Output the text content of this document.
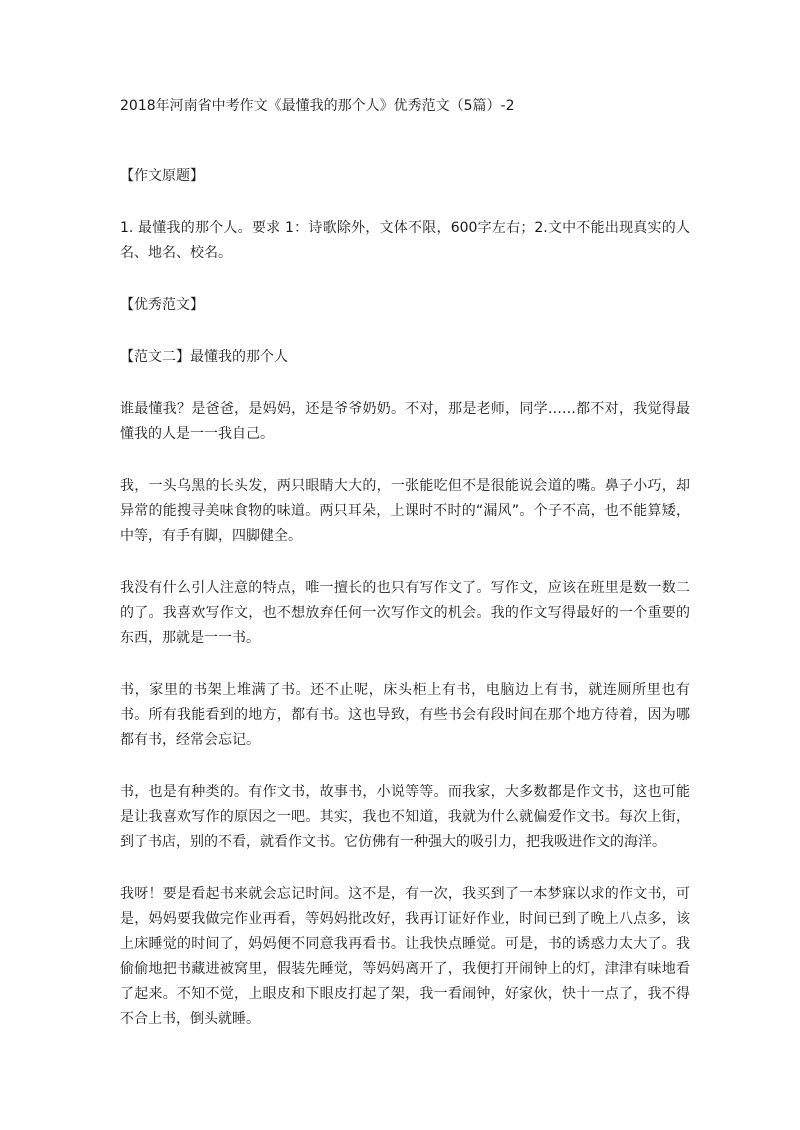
2018年河南省中考作文《最懂我的那个人》优秀范文（5篇）-2
【作文原题】
1. 最懂我的那个人。要求 1：诗歌除外，文体不限，600字左右；2.文中不能出现真实的人名、地名、校名。
【优秀范文】
【范文二】最懂我的那个人
谁最懂我？是爸爸，是妈妈，还是爷爷奶奶。不对，那是老师，同学……都不对，我觉得最懂我的人是一一我自己。
我，一头乌黑的长头发，两只眼睛大大的，一张能吃但不是很能说会道的嘴。鼻子小巧，却异常的能搜寻美味食物的味道。两只耳朵，上课时不时的“漏风”。个子不高，也不能算矮，中等，有手有脚，四脚健全。
我没有什么引人注意的特点，唯一擅长的也只有写作文了。写作文，应该在班里是数一数二的了。我喜欢写作文，也不想放弃任何一次写作文的机会。我的作文写得最好的一个重要的东西，那就是一一书。
书，家里的书架上堆满了书。还不止呢，床头柜上有书，电脑边上有书，就连厕所里也有书。所有我能看到的地方，都有书。这也导致，有些书会有段时间在那个地方待着，因为哪都有书，经常会忘记。
书，也是有种类的。有作文书，故事书，小说等等。而我家，大多数都是作文书，这也可能是让我喜欢写作的原因之一吧。其实，我也不知道，我就为什么就偏爱作文书。每次上街，到了书店，别的不看，就看作文书。它仿佛有一种强大的吸引力，把我吸进作文的海洋。
我呀！要是看起书来就会忘记时间。这不是，有一次，我买到了一本梦寐以求的作文书，可是，妈妈要我做完作业再看，等妈妈批改好，我再订证好作业，时间已到了晚上八点多，该上床睡觉的时间了，妈妈便不同意我再看书。让我快点睡觉。可是，书的诱惑力太大了。我偷偷地把书藏进被窝里，假装先睡觉，等妈妈离开了，我便打开闹钟上的灯，津津有味地看了起来。不知不觉，上眼皮和下眼皮打起了架，我一看闹钟，好家伙，快十一点了，我不得不合上书，倒头就睡。
